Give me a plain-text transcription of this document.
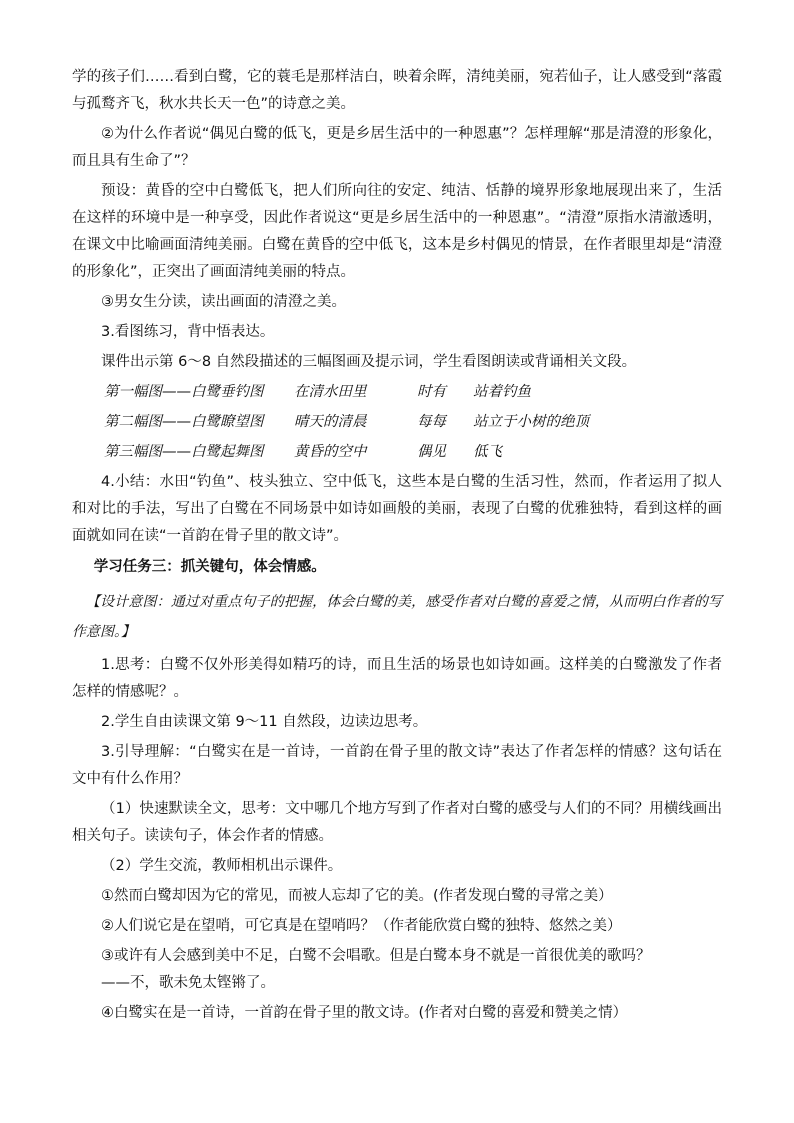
学的孩子们……看到白鹭，它的蓑毛是那样洁白，映着余晖，清纯美丽，宛若仙子，让人感受到“落霞与孤鹜齐飞，秋水共长天一色”的诗意之美。

②为什么作者说“偶见白鹭的低飞，更是乡居生活中的一种恩惠”？怎样理解“那是清澄的形象化，而且具有生命了”？

预设：黄昏的空中白鹭低飞，把人们所向往的安定、纯洁、恬静的境界形象地展现出来了，生活在这样的环境中是一种享受，因此作者说这“更是乡居生活中的一种恩惠”。“清澄”原指水清澈透明，在课文中比喻画面清纯美丽。白鹭在黄昏的空中低飞，这本是乡村偶见的情景，在作者眼里却是“清澄的形象化”，正突出了画面清纯美丽的特点。

③男女生分读，读出画面的清澄之美。

3.看图练习，背中悟表达。

课件出示第 6～8 自然段描述的三幅图画及提示词，学生看图朗读或背诵相关文段。

第一幅图——白鹭垂钓图 在清水田里	时有 站着钓鱼

第二幅图——白鹭瞭望图 晴天的清晨	每每 站立于小树的绝顶

第三幅图——白鹭起舞图 黄昏的空中	偶见 低飞

4.小结：水田“钓鱼”、枝头独立、空中低飞，这些本是白鹭的生活习性，然而，作者运用了拟人和对比的手法，写出了白鹭在不同场景中如诗如画般的美丽，表现了白鹭的优雅独特，看到这样的画面就如同在读“一首韵在骨子里的散文诗”。

学习任务三：抓关键句，体会情感。

【设计意图：通过对重点句子的把握，体会白鹭的美，感受作者对白鹭的喜爱之情，从而明白作者的写作意图。】

1.思考：白鹭不仅外形美得如精巧的诗，而且生活的场景也如诗如画。这样美的白鹭激发了作者怎样的情感呢？。

2.学生自由读课文第 9～11 自然段，边读边思考。

3.引导理解：“白鹭实在是一首诗，一首韵在骨子里的散文诗”表达了作者怎样的情感？这句话在文中有什么作用？

（1）快速默读全文，思考：文中哪几个地方写到了作者对白鹭的感受与人们的不同？用横线画出相关句子。读读句子，体会作者的情感。

（2）学生交流，教师相机出示课件。

①然而白鹭却因为它的常见，而被人忘却了它的美。(作者发现白鹭的寻常之美）

②人们说它是在望哨，可它真是在望哨吗？（作者能欣赏白鹭的独特、悠然之美）

③或许有人会感到美中不足，白鹭不会唱歌。但是白鹭本身不就是一首很优美的歌吗？

——不，歌未免太铿锵了。

④白鹭实在是一首诗，一首韵在骨子里的散文诗。(作者对白鹭的喜爱和赞美之情）
